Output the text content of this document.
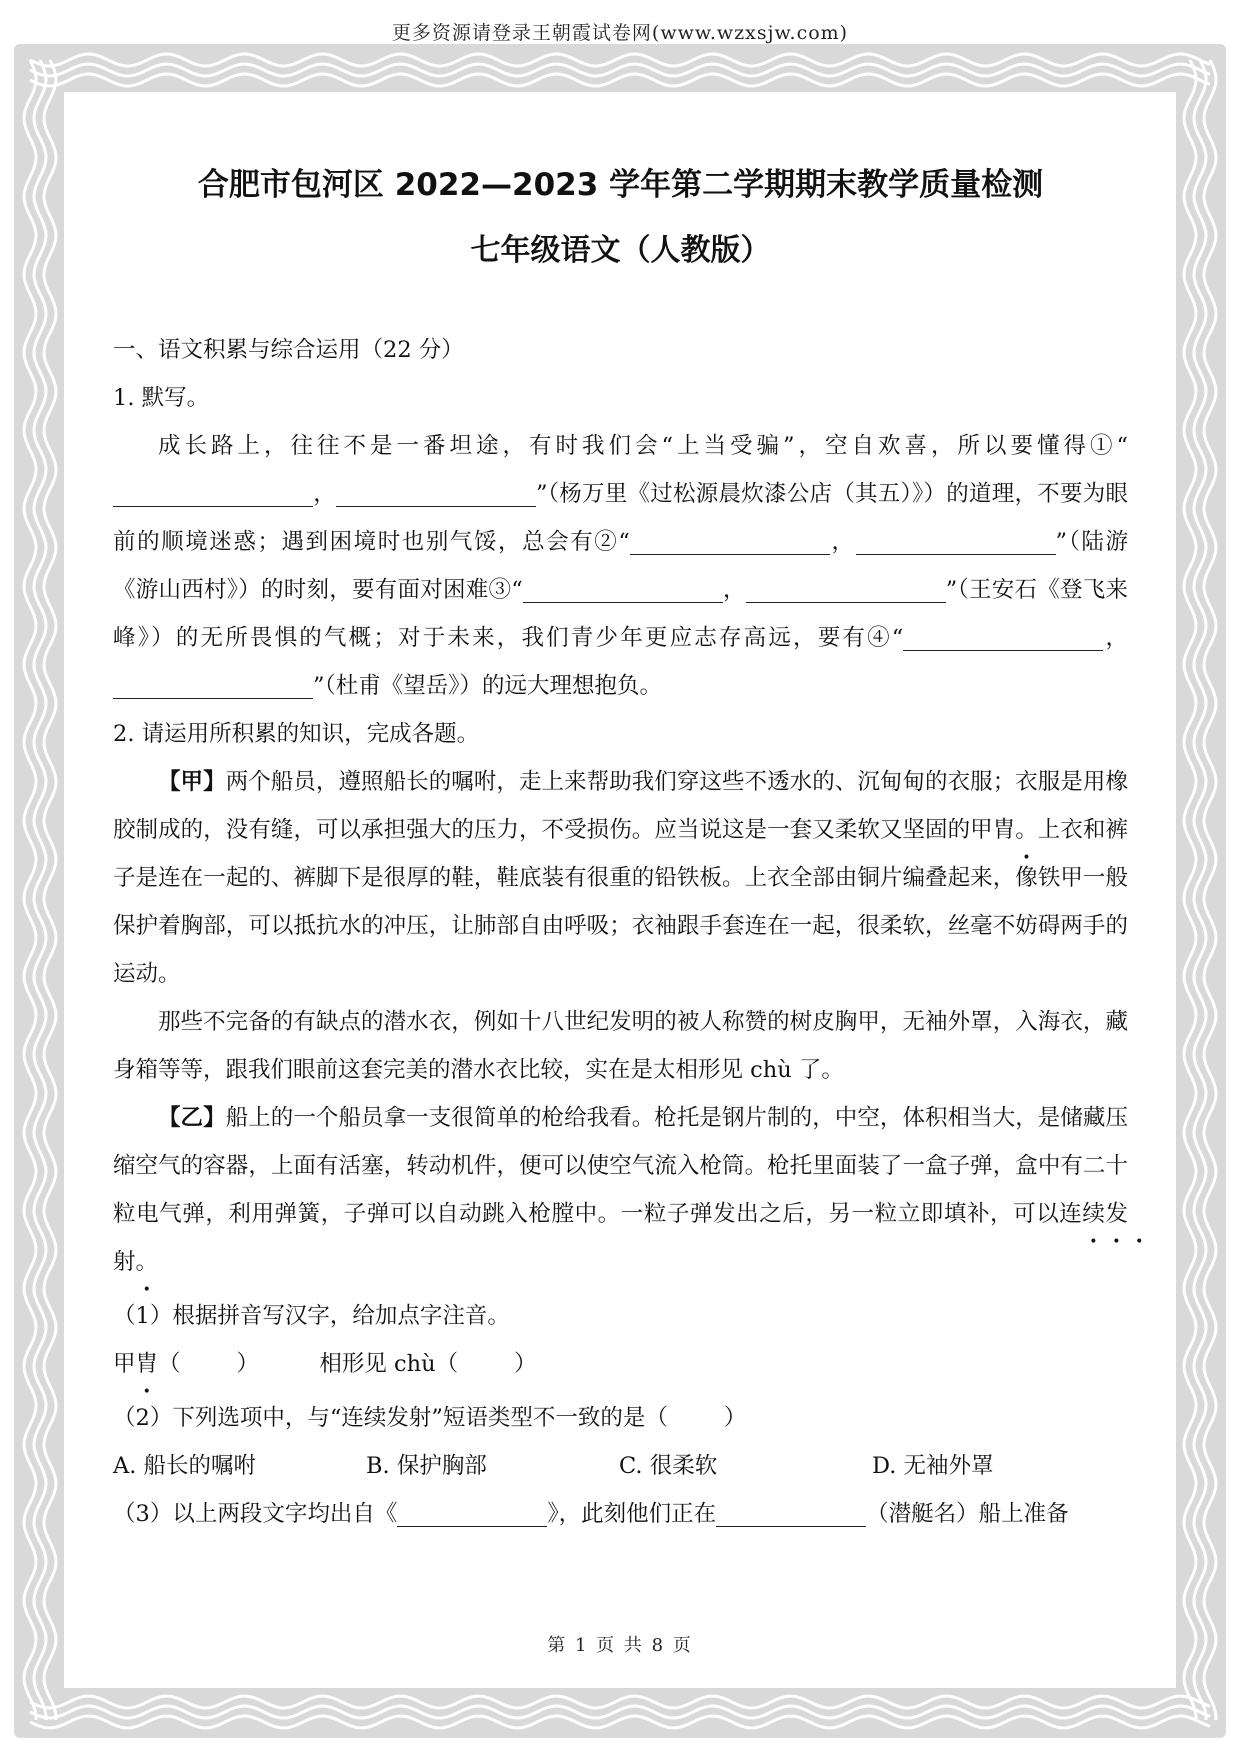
更多资源请登录王朝霞试卷网(www.wzxsjw.com)

合肥市包河区 2022—2023 学年第二学期期末教学质量检测

七年级语文（人教版）

一、语文积累与综合运用（22 分）

1. 默写。

成长路上，往往不是一番坦途，有时我们会“上当受骗”，空自欢喜，所以要懂得①“，	”（杨万里《过松源晨炊漆公店（其五）》）的道理，不要为眼前的顺境迷惑；遇到困境时也别气馁，总会有②“	，	”（陆游《游山西村》）的时刻，要有面对困难③“	，	”（王安石《登飞来峰》）的无所畏惧的气概；对于未来，我们青少年更应志存高远，要有④“	，”（杜甫《望岳》）的远大理想抱负。

2. 请运用所积累的知识，完成各题。

【甲】两个船员，遵照船长的嘱咐，走上来帮助我们穿这些不透水的、沉甸甸的衣服；衣服是用橡胶制成的，没有缝，可以承担强大的压力，不受损伤。应当说这是一套又柔软又坚固的甲胄。上衣和裤子是连在一起的、裤脚下是很厚的鞋，鞋底装有很重的铅铁板。上衣全部由铜片编叠起来，像铁甲一般保护着胸部，可以抵抗水的冲压，让肺部自由呼吸；衣袖跟手套连在一起，很柔软，丝毫不妨碍两手的运动。

那些不完备的有缺点的潜水衣，例如十八世纪发明的被人称赞的树皮胸甲，无袖外罩，入海衣，藏身箱等等，跟我们眼前这套完美的潜水衣比较，实在是太相形见 chù 了。

【乙】船上的一个船员拿一支很简单的枪给我看。枪托是钢片制的，中空，体积相当大，是储藏压缩空气的容器，上面有活塞，转动机件，便可以使空气流入枪筒。枪托里面装了一盒子弹，盒中有二十粒电气弹，利用弹簧，子弹可以自动跳入枪膛中。一粒子弹发出之后，另一粒立即填补，可以连续发射。

（1）根据拼音写汉字，给加点字注音。

甲胄（ ）	相形见 chù（ ）

（2）下列选项中，与“连续发射”短语类型不一致的是（ ）

A. 船长的嘱咐	B. 保护胸部	C. 很柔软	D. 无袖外罩

（3）以上两段文字均出自《	》，此刻他们正在	（潜艇名）船上准备

第 1 页 共 8 页
